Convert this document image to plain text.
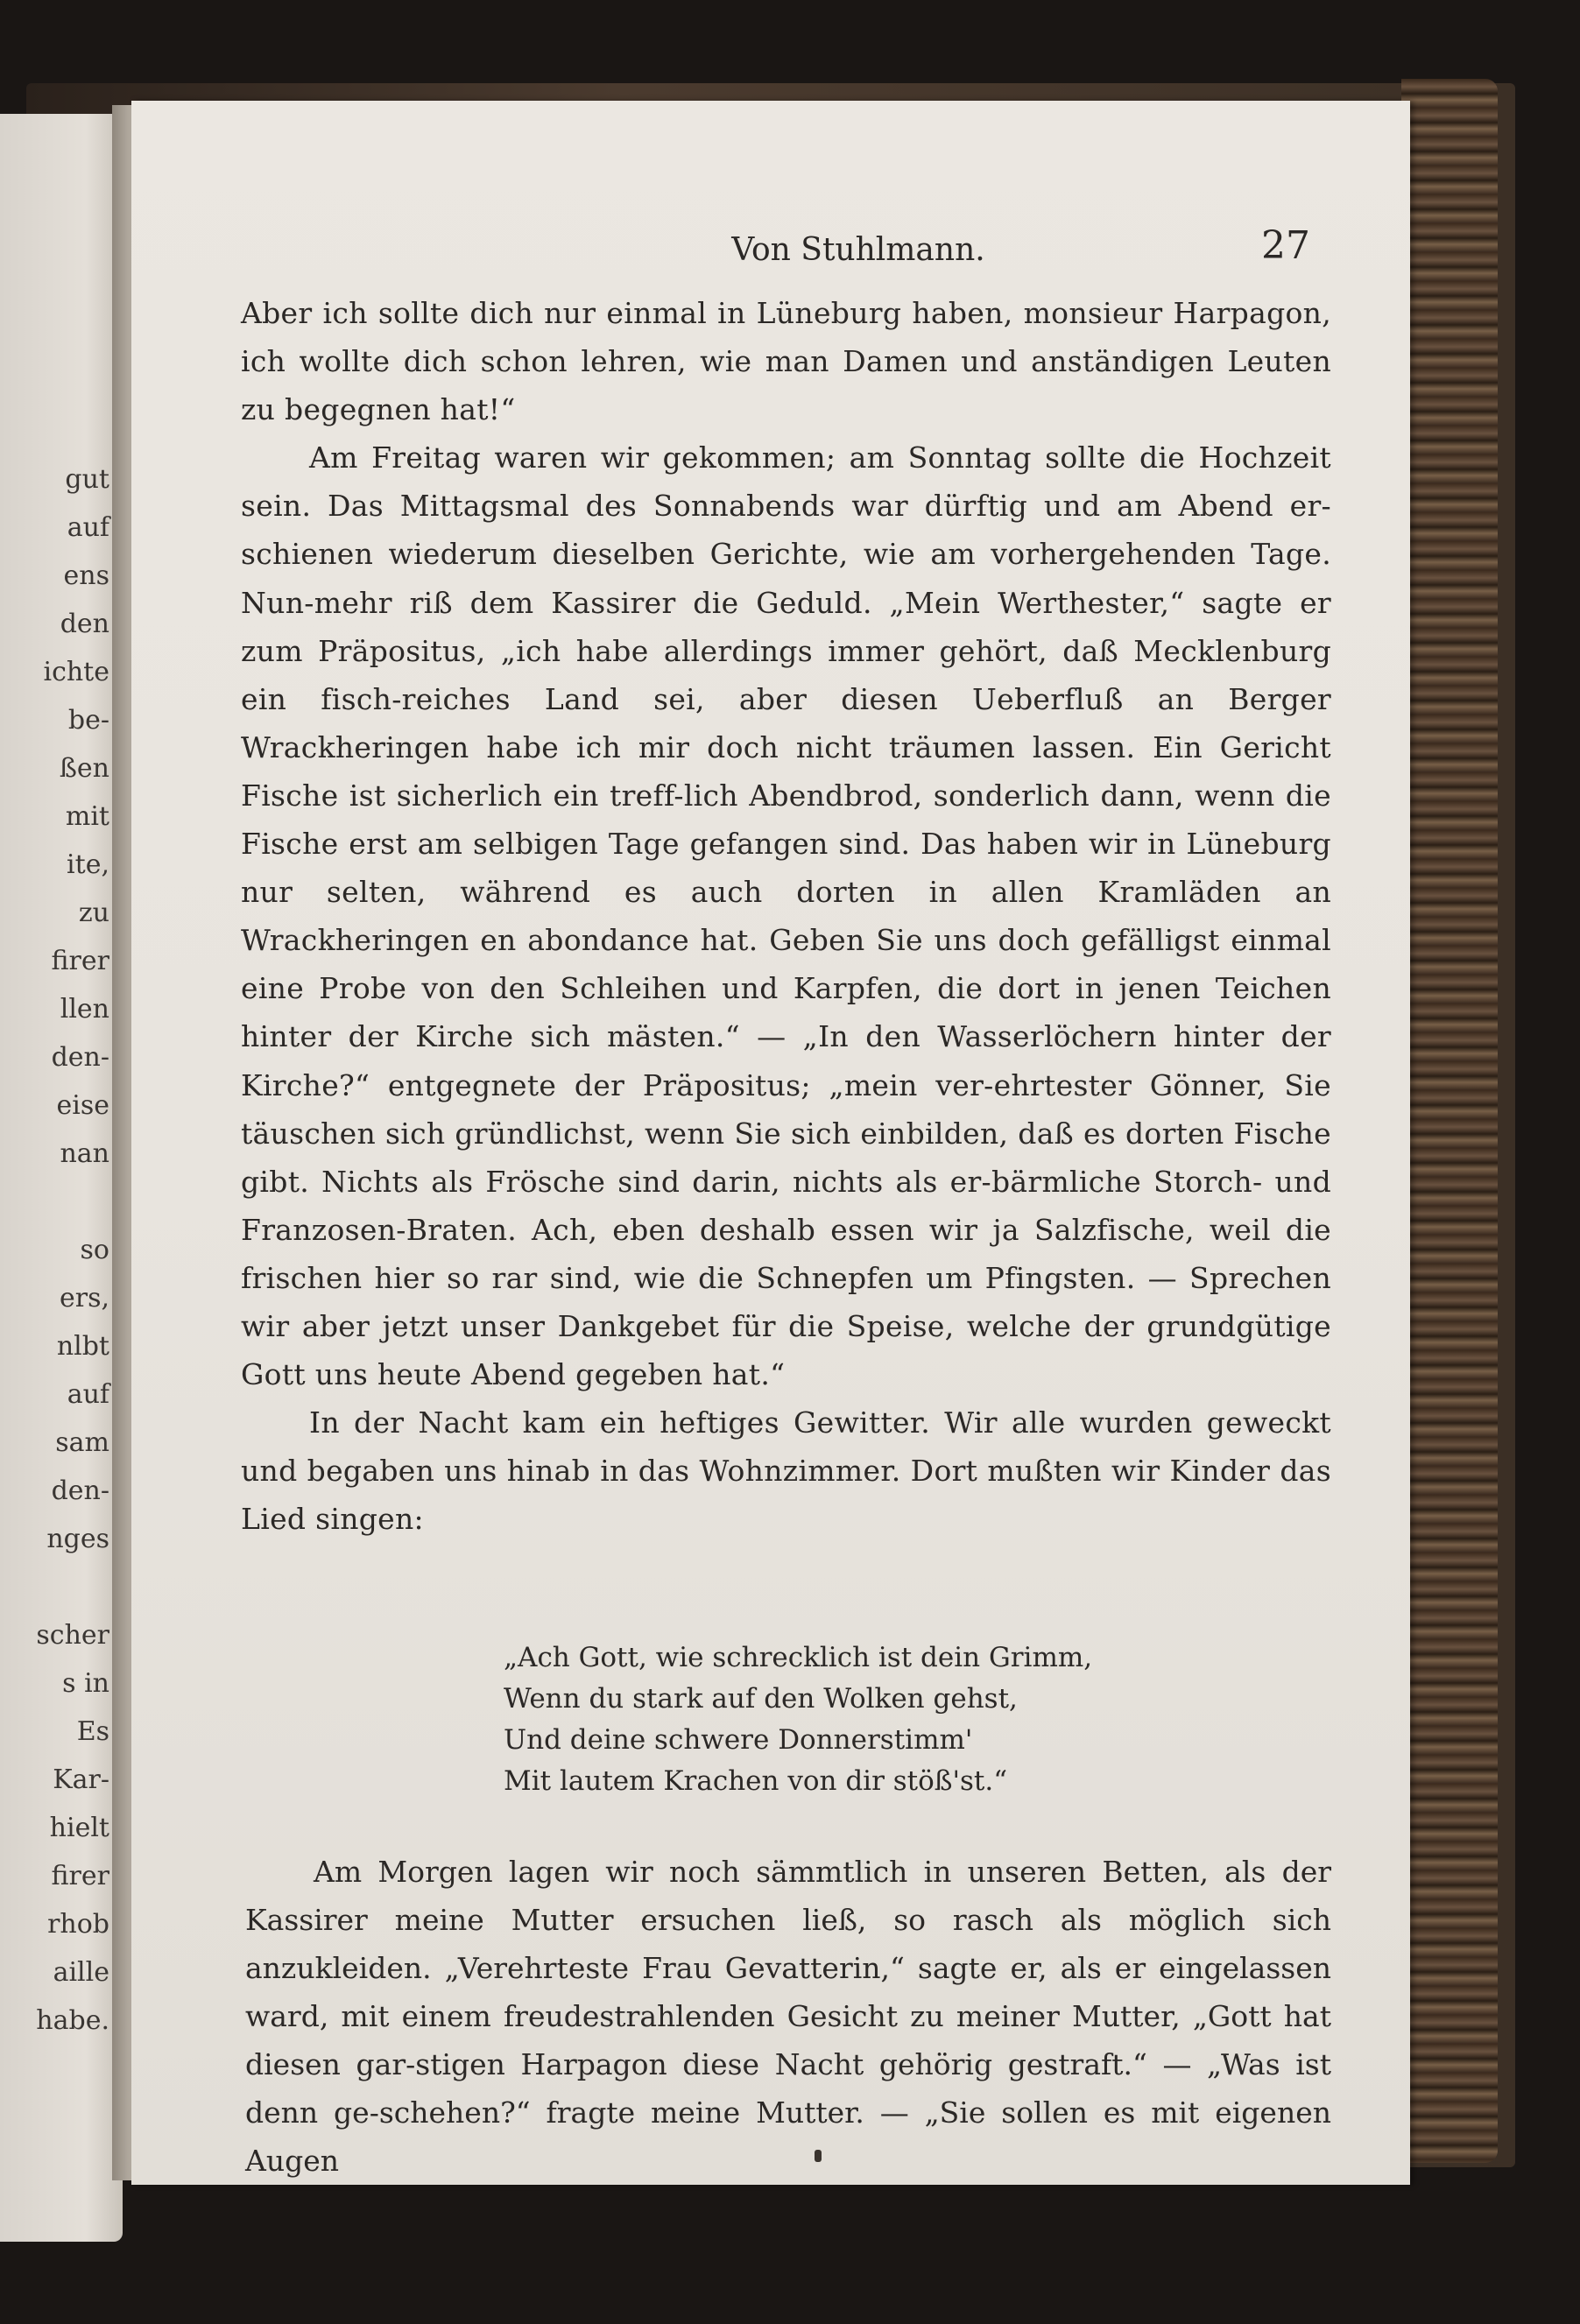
gut
auf
ens
den
ichte
be-
ßen
mit
ite,
zu
firer
llen
den-
eise
nan
so
ers,
nlbt
auf
sam
den-
nges
scher
s in
Es
Kar-
hielt
firer
rhob
aille
habe.
Von Stuhlmann.	27

Aber ich sollte dich nur einmal in Lüneburg haben, monsieur Harpagon, ich wollte dich schon lehren, wie man Damen und anständigen Leuten zu begegnen hat!“

Am Freitag waren wir gekommen; am Sonntag sollte die Hochzeit sein. Das Mittagsmal des Sonnabends war dürftig und am Abend er-schienen wiederum dieselben Gerichte, wie am vorhergehenden Tage. Nun-mehr riß dem Kassirer die Geduld. „Mein Werthester,“ sagte er zum Präpositus, „ich habe allerdings immer gehört, daß Mecklenburg ein fisch-reiches Land sei, aber diesen Ueberfluß an Berger Wrackheringen habe ich mir doch nicht träumen lassen. Ein Gericht Fische ist sicherlich ein treff-lich Abendbrod, sonderlich dann, wenn die Fische erst am selbigen Tage gefangen sind. Das haben wir in Lüneburg nur selten, während es auch dorten in allen Kramläden an Wrackheringen en abondance hat. Geben Sie uns doch gefälligst einmal eine Probe von den Schleihen und Karpfen, die dort in jenen Teichen hinter der Kirche sich mästen.“ — „In den Wasserlöchern hinter der Kirche?“ entgegnete der Präpositus; „mein ver-ehrtester Gönner, Sie täuschen sich gründlichst, wenn Sie sich einbilden, daß es dorten Fische gibt. Nichts als Frösche sind darin, nichts als er-bärmliche Storch- und Franzosen-Braten. Ach, eben deshalb essen wir ja Salzfische, weil die frischen hier so rar sind, wie die Schnepfen um Pfingsten. — Sprechen wir aber jetzt unser Dankgebet für die Speise, welche der grundgütige Gott uns heute Abend gegeben hat.“

In der Nacht kam ein heftiges Gewitter. Wir alle wurden geweckt und begaben uns hinab in das Wohnzimmer. Dort mußten wir Kinder das Lied singen:

„Ach Gott, wie schrecklich ist dein Grimm,
Wenn du stark auf den Wolken gehst,
Und deine schwere Donnerstimm'
Mit lautem Krachen von dir stöß'st.“

Am Morgen lagen wir noch sämmtlich in unseren Betten, als der Kassirer meine Mutter ersuchen ließ, so rasch als möglich sich anzukleiden. „Verehrteste Frau Gevatterin,“ sagte er, als er eingelassen ward, mit einem freudestrahlenden Gesicht zu meiner Mutter, „Gott hat diesen gar-stigen Harpagon diese Nacht gehörig gestraft.“ — „Was ist denn ge-schehen?“ fragte meine Mutter. — „Sie sollen es mit eigenen Augen
